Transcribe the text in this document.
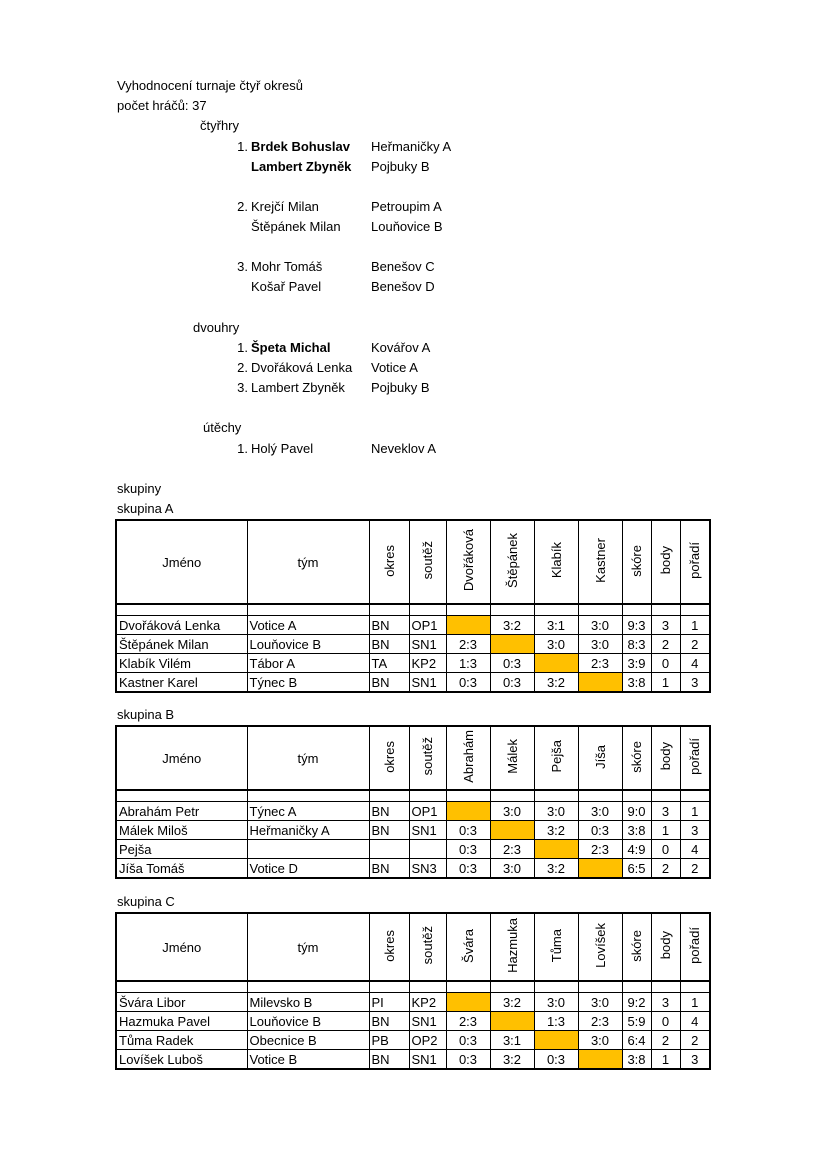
Vyhodnocení turnaje čtyř okresů
počet hráčů: 37
čtyřhry
1. Brdek Bohuslav Heřmaničky A
Lambert Zbyněk Pojbuky B
2. Krejčí Milan	Petroupim A
Štěpánek Milan Louňovice B
3. Mohr Tomáš	Benešov C
Košař Pavel	Benešov D
dvouhry
1. Špeta Michal	Kovářov A
2. Dvořáková Lenka Votice A
3. Lambert Zbyněk Pojbuky B
útěchy
1. Holý Pavel	Neveklov A
skupiny
skupina A
skupina B
skupina C
Jméno	tým	okres	soutěž	Dvořáková	Štěpánek	Klabík	Kastner	skóre	body	pořadí

Dvořáková Lenka	Votice A	BN	OP1		3:2	3:1	3:0	9:3	3	1
Štěpánek Milan	Louňovice B	BN	SN1	2:3		3:0	3:0	8:3	2	2
Klabík Vilém	Tábor A	TA	KP2	1:3	0:3		2:3	3:9	0	4
Kastner Karel	Týnec B	BN	SN1	0:3	0:3	3:2		3:8	1	3
Jméno	tým	okres	soutěž	Abrahám	Málek	Pejša	Jíša	skóre	body	pořadí

Abrahám Petr	Týnec A	BN	OP1		3:0	3:0	3:0	9:0	3	1
Málek Miloš	Heřmaničky A	BN	SN1	0:3		3:2	0:3	3:8	1	3
Pejša				0:3	2:3		2:3	4:9	0	4
Jíša Tomáš	Votice D	BN	SN3	0:3	3:0	3:2		6:5	2	2
Jméno	tým	okres	soutěž	Švára	Hazmuka	Tůma	Lovíšek	skóre	body	pořadí

Švára Libor	Milevsko B	PI	KP2		3:2	3:0	3:0	9:2	3	1
Hazmuka Pavel	Louňovice B	BN	SN1	2:3		1:3	2:3	5:9	0	4
Tůma Radek	Obecnice B	PB	OP2	0:3	3:1		3:0	6:4	2	2
Lovíšek Luboš	Votice B	BN	SN1	0:3	3:2	0:3		3:8	1	3
